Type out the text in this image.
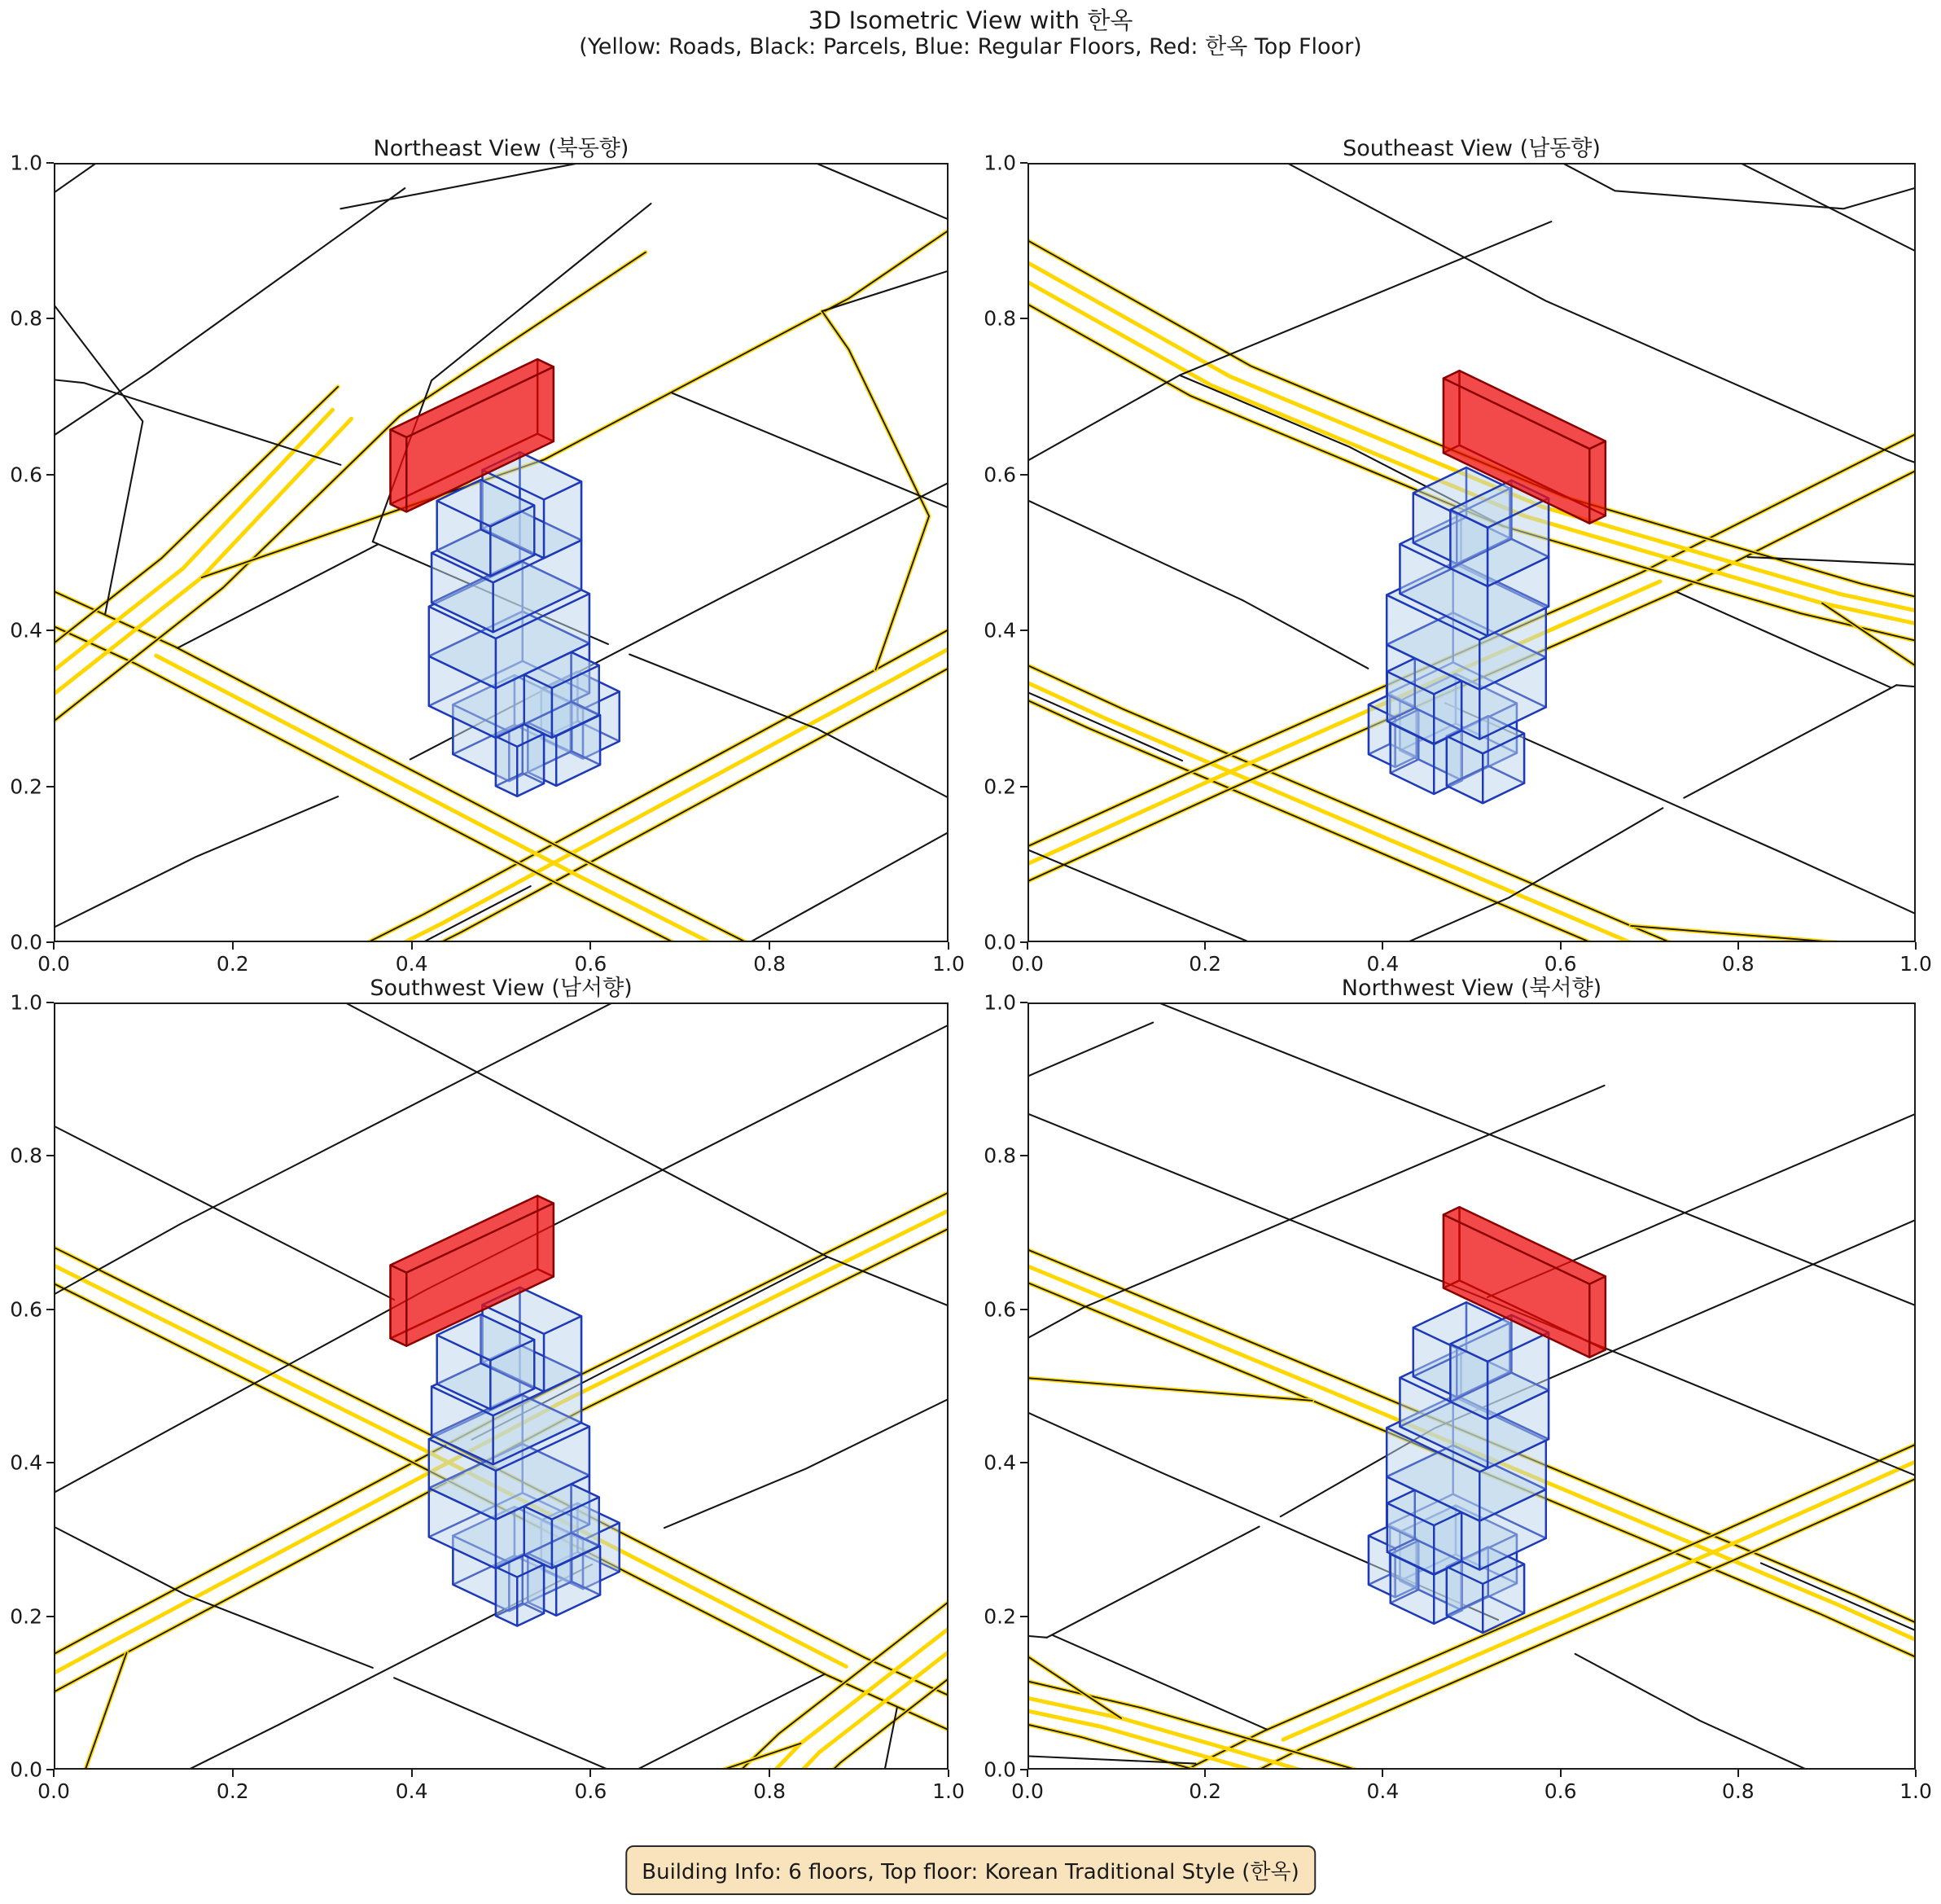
3D Isometric View with 한옥
(Yellow: Roads, Black: Parcels, Blue: Regular Floors, Red: 한옥 Top Floor)
Northeast View (북동향)
0.0
0.0
0.2
0.2
0.4
0.4
0.6
0.6
0.8
0.8
1.0
1.0
Southeast View (남동향)
0.0
0.0
0.2
0.2
0.4
0.4
0.6
0.6
0.8
0.8
1.0
1.0
Southwest View (남서향)
0.0
0.0
0.2
0.2
0.4
0.4
0.6
0.6
0.8
0.8
1.0
1.0
Northwest View (북서향)
0.0
0.0
0.2
0.2
0.4
0.4
0.6
0.6
0.8
0.8
1.0
1.0
Building Info: 6 floors, Top floor: Korean Traditional Style (한옥)
